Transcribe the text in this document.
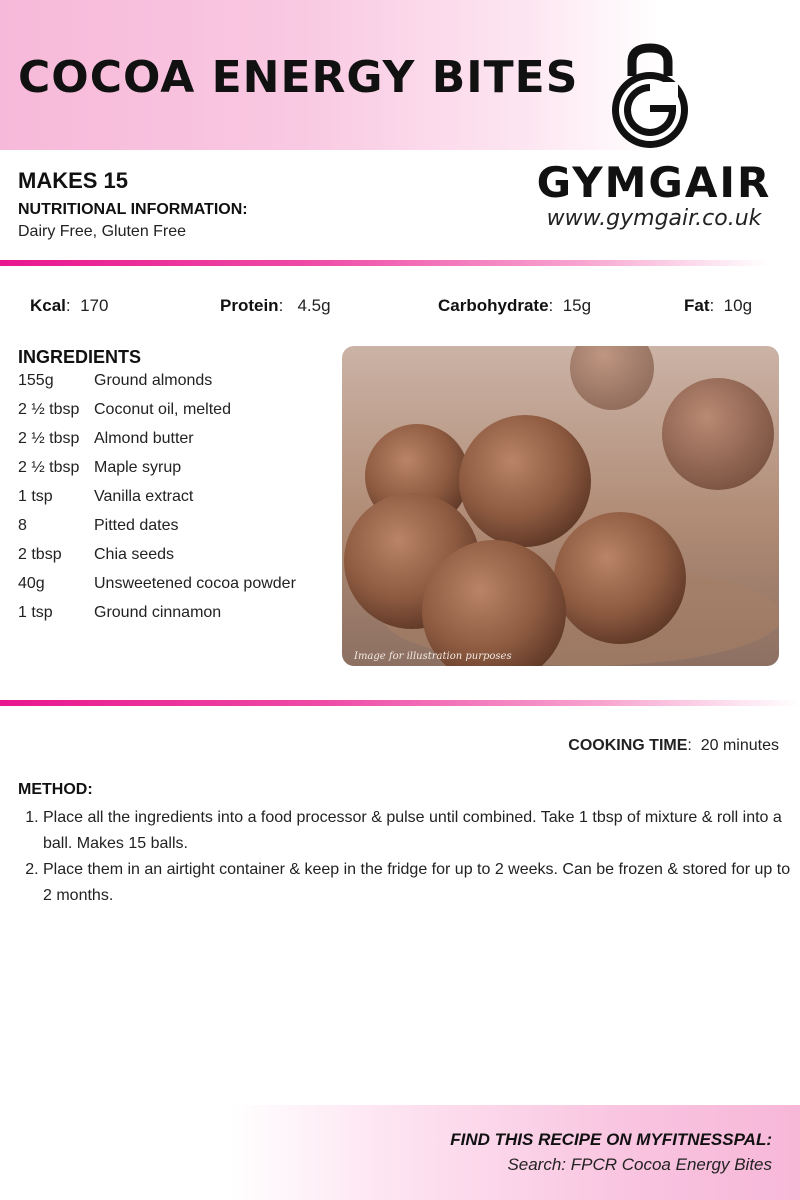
COCOA ENERGY BITES
GYMGAIR
www.gymgair.co.uk
MAKES 15
NUTRITIONAL INFORMATION:
Dairy Free, Gluten Free
Kcal:  170	Protein:   4.5g	Carbohydrate:  15g	Fat:  10g
INGREDIENTS
155g	Ground almonds
2 ½ tbsp Coconut oil, melted
2 ½ tbsp Almond butter
2 ½ tbsp Maple syrup
1 tsp	Vanilla extract
8	Pitted dates
2 tbsp	Chia seeds
40g	Unsweetened cocoa powder
1 tsp	Ground cinnamon
Image for illustration purposes
COOKING TIME:  20 minutes
METHOD:
1. Place all the ingredients into a food processor & pulse until combined. Take 1 tbsp of mixture & roll into a ball. Makes 15 balls.
2. Place them in an airtight container & keep in the fridge for up to 2 weeks. Can be frozen & stored for up to 2 months.
FIND THIS RECIPE ON MYFITNESSPAL:
Search: FPCR Cocoa Energy Bites
